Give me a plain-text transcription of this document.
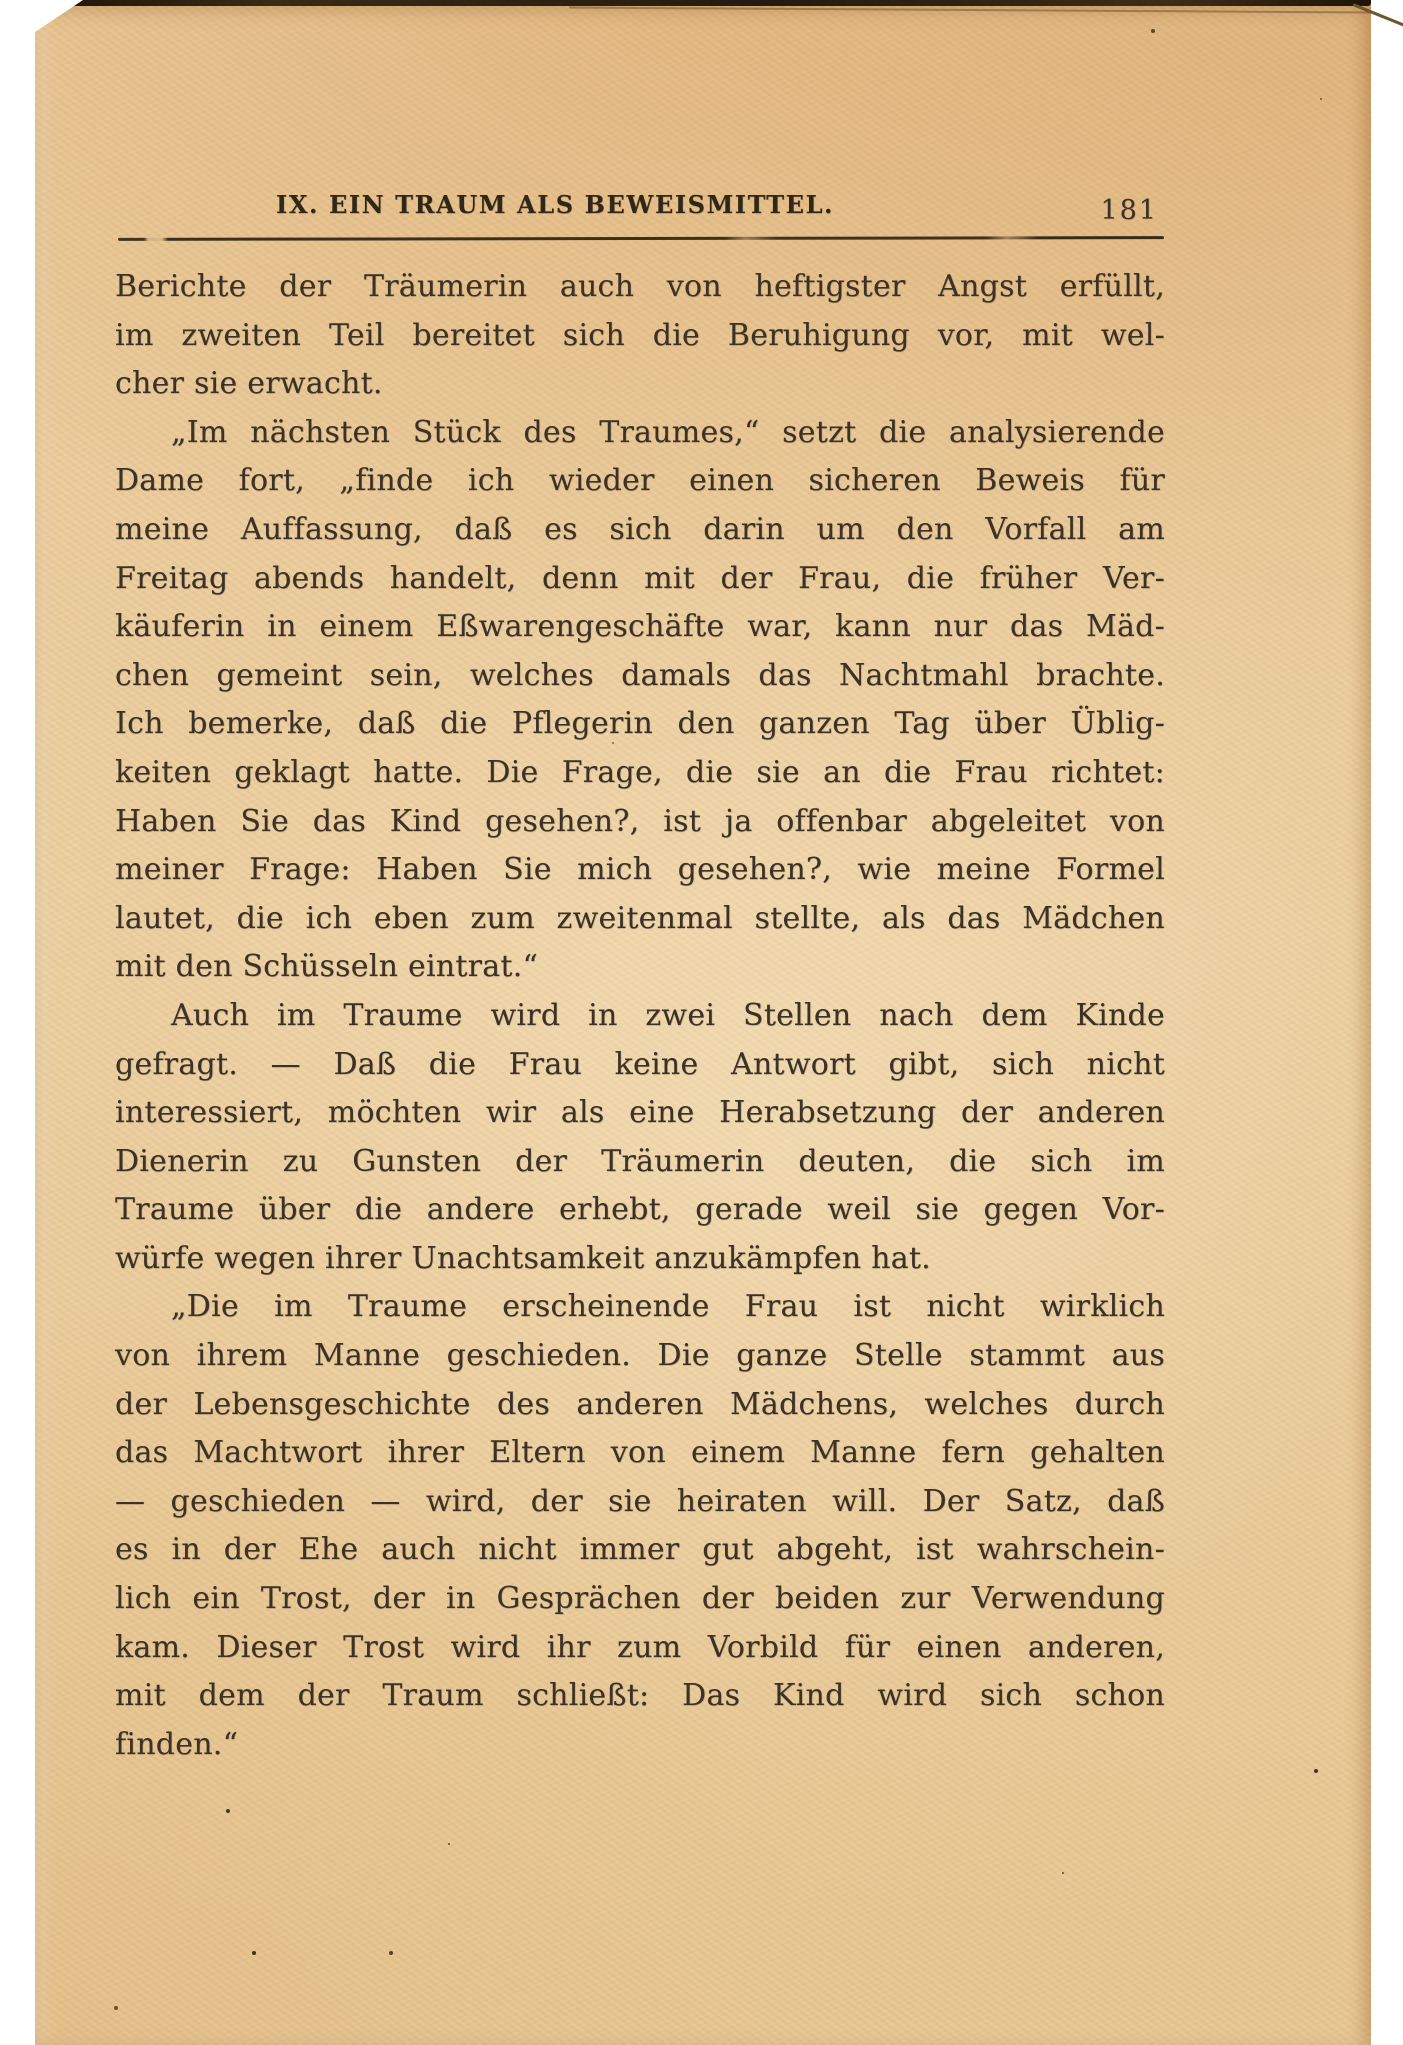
IX. EIN TRAUM ALS BEWEISMITTEL.	181
Berichte der Träumerin auch von heftigster Angst erfüllt,
im zweiten Teil bereitet sich die Beruhigung vor, mit wel-
cher sie erwacht.
„Im nächsten Stück des Traumes,“ setzt die analysierende
Dame fort, „finde ich wieder einen sicheren Beweis für
meine Auffassung, daß es sich darin um den Vorfall am
Freitag abends handelt, denn mit der Frau, die früher Ver-
käuferin in einem Eßwarengeschäfte war, kann nur das Mäd-
chen gemeint sein, welches damals das Nachtmahl brachte.
Ich bemerke, daß die Pflegerin den ganzen Tag über Üblig-
keiten geklagt hatte. Die Frage, die sie an die Frau richtet:
Haben Sie das Kind gesehen?, ist ja offenbar abgeleitet von
meiner Frage: Haben Sie mich gesehen?, wie meine Formel
lautet, die ich eben zum zweitenmal stellte, als das Mädchen
mit den Schüsseln eintrat.“
Auch im Traume wird in zwei Stellen nach dem Kinde
gefragt. — Daß die Frau keine Antwort gibt, sich nicht
interessiert, möchten wir als eine Herabsetzung der anderen
Dienerin zu Gunsten der Träumerin deuten, die sich im
Traume über die andere erhebt, gerade weil sie gegen Vor-
würfe wegen ihrer Unachtsamkeit anzukämpfen hat.
„Die im Traume erscheinende Frau ist nicht wirklich
von ihrem Manne geschieden. Die ganze Stelle stammt aus
der Lebensgeschichte des anderen Mädchens, welches durch
das Machtwort ihrer Eltern von einem Manne fern gehalten
— geschieden — wird, der sie heiraten will. Der Satz, daß
es in der Ehe auch nicht immer gut abgeht, ist wahrschein-
lich ein Trost, der in Gesprächen der beiden zur Verwendung
kam. Dieser Trost wird ihr zum Vorbild für einen anderen,
mit dem der Traum schließt: Das Kind wird sich schon
finden.“
